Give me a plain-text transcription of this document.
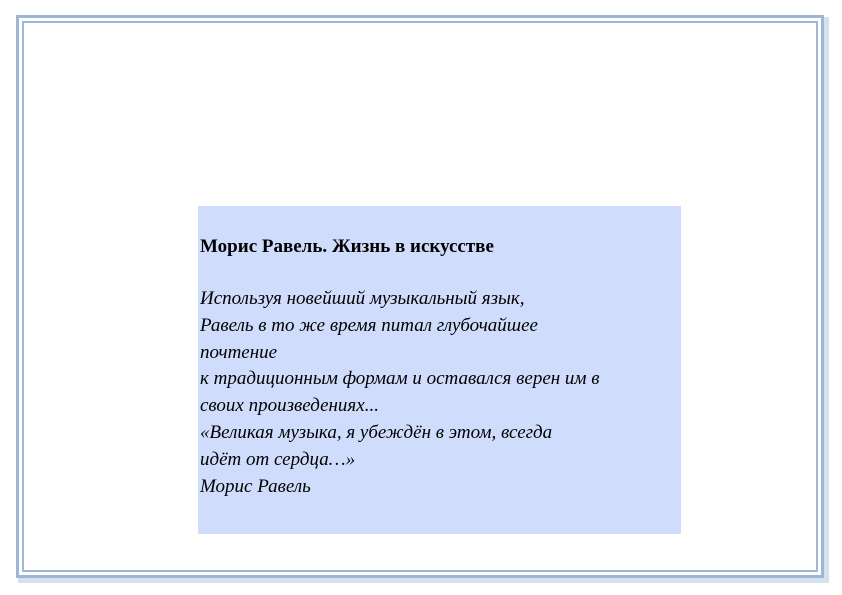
Морис Равель. Жизнь в искусстве
Используя новейший музыкальный язык,
Равель в то же время питал глубочайшее
почтение
к традиционным формам и оставался верен им в
своих произведениях...
«Великая музыка, я убеждён в этом, всегда
идёт от сердца…»
Морис Равель
